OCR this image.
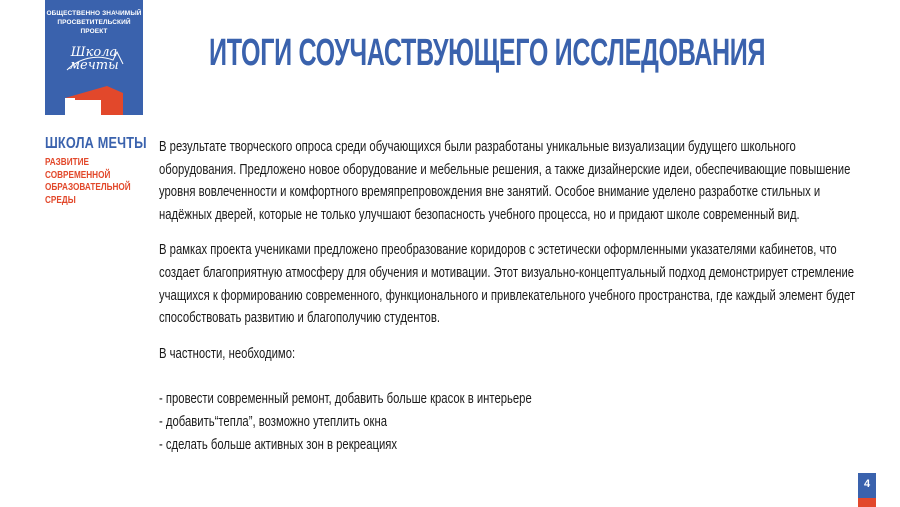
ОБЩЕСТВЕННО ЗНАЧИМЫЙ
ПРОСВЕТИТЕЛЬСКИЙ ПРОЕКТ
Школа
мечты
ШКОЛА МЕЧТЫ
РАЗВИТИЕ СОВРЕМЕННОЙ
ОБРАЗОВАТЕЛЬНОЙ СРЕДЫ
ИТОГИ СОУЧАСТВУЮЩЕГО ИССЛЕДОВАНИЯ

В результате творческого опроса среди обучающихся были разработаны уникальные визуализации будущего школьного оборудования. Предложено новое оборудование и мебельные решения, а также дизайнерские идеи, обеспечивающие повышение уровня вовлеченности и комфортного времяпрепровождения вне занятий. Особое внимание уделено разработке стильных и надёжных дверей, которые не только улучшают безопасность учебного процесса, но и придают школе современный вид.

В рамках проекта учениками предложено преобразование коридоров с эстетически оформленными указателями кабинетов, что создает благоприятную атмосферу для обучения и мотивации. Этот визуально-концептуальный подход демонстрирует стремление учащихся к формированию современного, функционального и привлекательного учебного пространства, где каждый элемент будет способствовать развитию и благополучию студентов.

В частности, необходимо:

- провести современный ремонт, добавить больше красок в интерьере

- добавить“тепла”, возможно утеплить окна

- сделать больше активных зон в рекреациях

4
